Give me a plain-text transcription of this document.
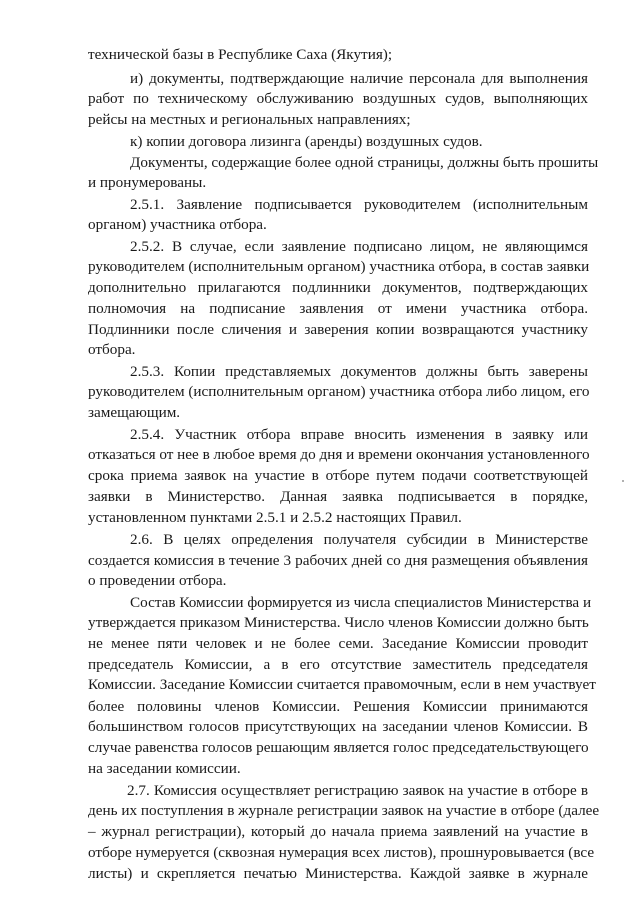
технической базы в Республике Саха (Якутия);
и) документы, подтверждающие наличие персонала для выполнения
работ по техническому обслуживанию воздушных судов, выполняющих
рейсы на местных и региональных направлениях;
к) копии договора лизинга (аренды) воздушных судов.
Документы, содержащие более одной страницы, должны быть прошиты
и пронумерованы.
2.5.1. Заявление подписывается руководителем (исполнительным
органом) участника отбора.
2.5.2. В случае, если заявление подписано лицом, не являющимся
руководителем (исполнительным органом) участника отбора, в состав заявки
дополнительно прилагаются подлинники документов, подтверждающих
полномочия на подписание заявления от имени участника отбора.
Подлинники после сличения и заверения копии возвращаются участнику
отбора.
2.5.3. Копии представляемых документов должны быть заверены
руководителем (исполнительным органом) участника отбора либо лицом, его
замещающим.
2.5.4. Участник отбора вправе вносить изменения в заявку или
отказаться от нее в любое время до дня и времени окончания установленного
срока приема заявок на участие в отборе путем подачи соответствующей
заявки в Министерство. Данная заявка подписывается в порядке,
установленном пунктами 2.5.1 и 2.5.2 настоящих Правил.
2.6. В целях определения получателя субсидии в Министерстве
создается комиссия в течение 3 рабочих дней со дня размещения объявления
о проведении отбора.
Состав Комиссии формируется из числа специалистов Министерства и
утверждается приказом Министерства. Число членов Комиссии должно быть
не менее пяти человек и не более семи. Заседание Комиссии проводит
председатель Комиссии, а в его отсутствие заместитель председателя
Комиссии. Заседание Комиссии считается правомочным, если в нем участвует
более половины членов Комиссии. Решения Комиссии принимаются
большинством голосов присутствующих на заседании членов Комиссии. В
случае равенства голосов решающим является голос председательствующего
на заседании комиссии.
2.7. Комиссия осуществляет регистрацию заявок на участие в отборе в
день их поступления в журнале регистрации заявок на участие в отборе (далее
– журнал регистрации), который до начала приема заявлений на участие в
отборе нумеруется (сквозная нумерация всех листов), прошнуровывается (все
листы) и скрепляется печатью Министерства. Каждой заявке в журнале
